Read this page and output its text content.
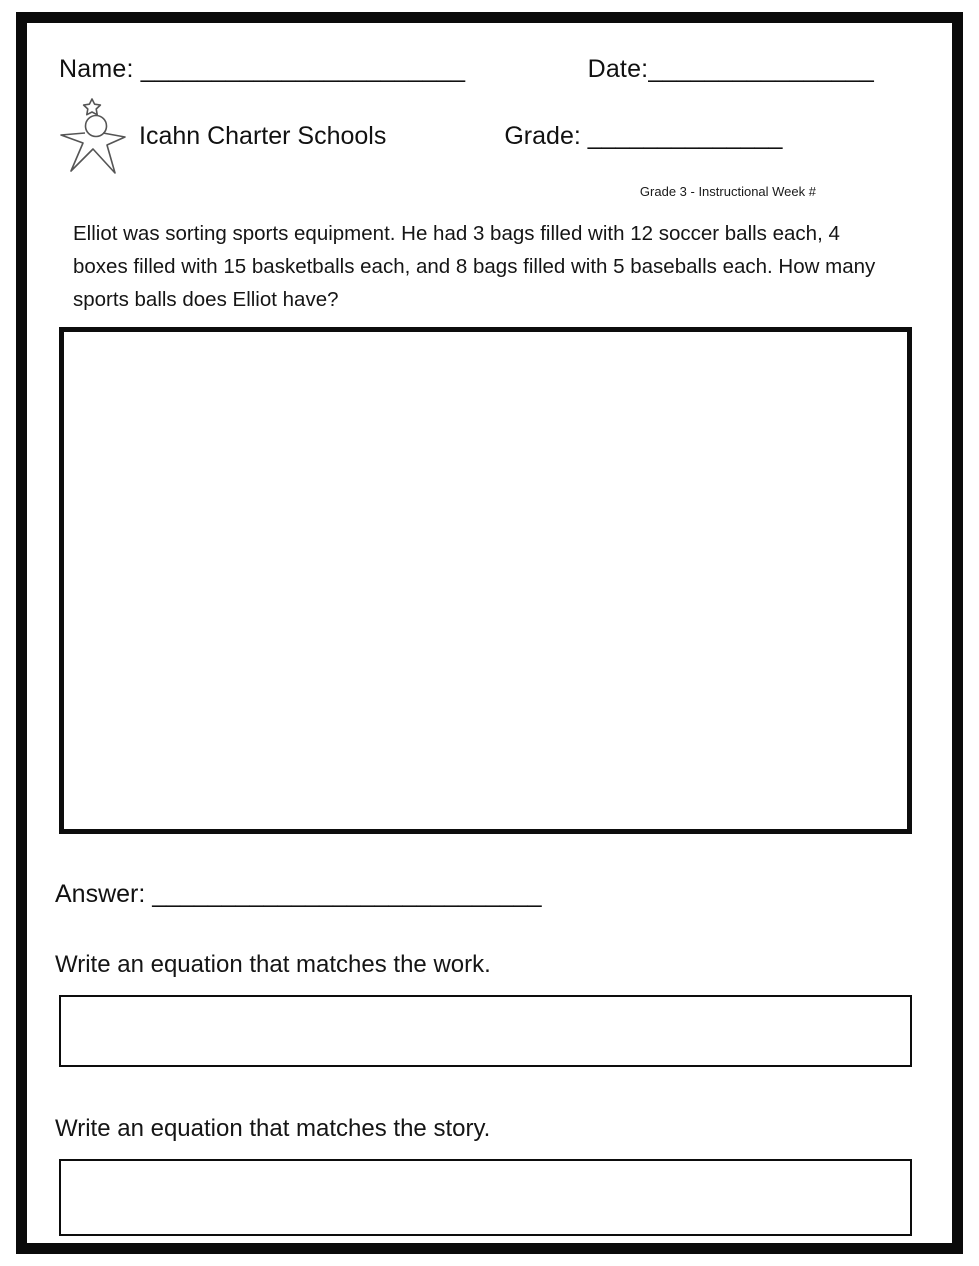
Name: _______________________	Date:________________
Icahn Charter Schools	Grade: ______________
Grade 3 - Instructional Week #

Elliot was sorting sports equipment. He had 3 bags filled with 12 soccer balls each, 4 boxes filled with 15 basketballs each, and 8 bags filled with 5 baseballs each. How many sports balls does Elliot have?

Answer: ____________________________
Write an equation that matches the work.
Write an equation that matches the story.
